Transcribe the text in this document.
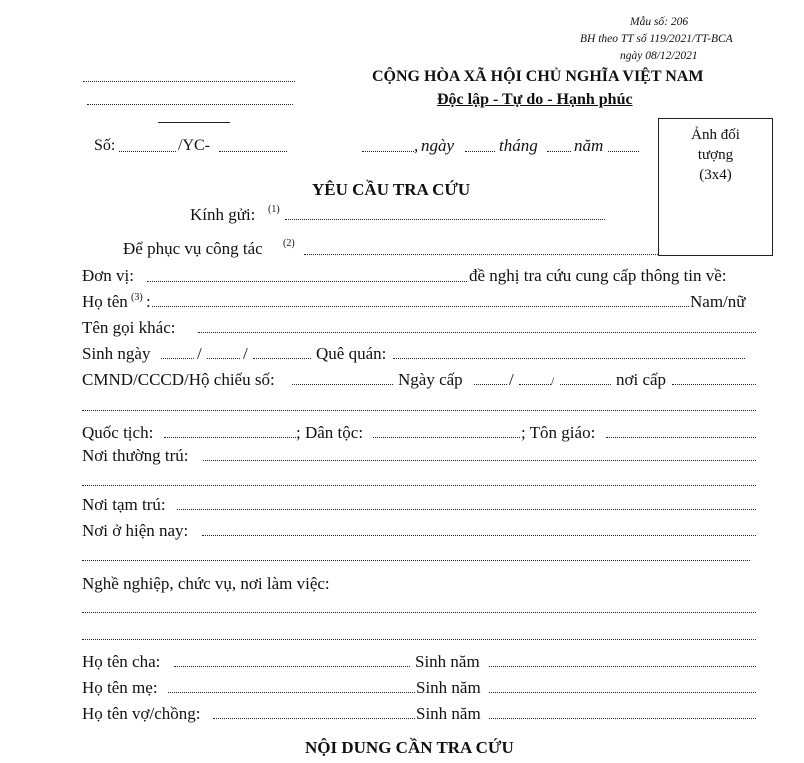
Mẫu số: 206
BH theo TT số 119/2021/TT-BCA
ngày 08/12/2021
CỘNG HÒA XÃ HỘI CHỦ NGHĨA VIỆT NAM
Độc lập - Tự do - Hạnh phúc
Số:	/YC-	, ngày	tháng năm
Ảnh đối
tượng
(3x4)
YÊU CẦU TRA CỨU
Kính gửi: (1)
Để phục vụ công tác (2)
Đơn vị:	đề nghị tra cứu cung cấp thông tin về:
Họ tên (3) :	Nam/nữ
Tên gọi khác:
Sinh ngày	/ /	Quê quán:
CMND/CCCD/Hộ chiếu số:	Ngày cấp	/	/	nơi cấp
Quốc tịch:	; Dân tộc:	; Tôn giáo:
Nơi thường trú:
Nơi tạm trú:
Nơi ở hiện nay:
Nghề nghiệp, chức vụ, nơi làm việc:
Họ tên cha:	Sinh năm
Họ tên mẹ:	Sinh năm
Họ tên vợ/chồng:	Sinh năm
NỘI DUNG CẦN TRA CỨU
